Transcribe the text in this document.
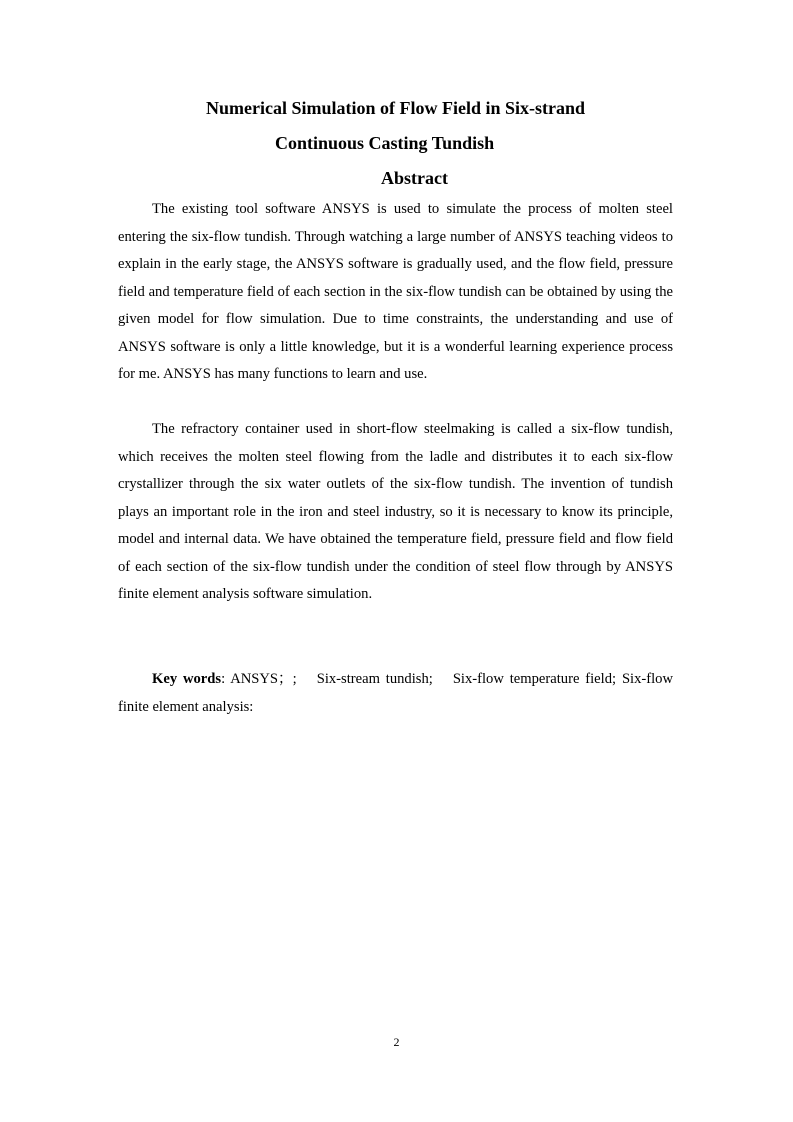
Numerical Simulation of Flow Field in Six-strand
Continuous Casting Tundish
Abstract

The existing tool software ANSYS is used to simulate the process of molten steel entering the six-flow tundish. Through watching a large number of ANSYS teaching videos to explain in the early stage, the ANSYS software is gradually used, and the flow field, pressure field and temperature field of each section in the six-flow tundish can be obtained by using the given model for flow simulation. Due to time constraints, the understanding and use of ANSYS software is only a little knowledge, but it is a wonderful learning experience process for me. ANSYS has many functions to learn and use.

The refractory container used in short-flow steelmaking is called a six-flow tundish, which receives the molten steel flowing from the ladle and distributes it to each six-flow crystallizer through the six water outlets of the six-flow tundish. The invention of tundish plays an important role in the iron and steel industry, so it is necessary to know its principle, model and internal data. We have obtained the temperature field, pressure field and flow field of each section of the six-flow tundish under the condition of steel flow through by ANSYS finite element analysis software simulation.

Key words: ANSYS；; Six-stream tundish; Six-flow temperature field; Six-flow finite element analysis:

2
